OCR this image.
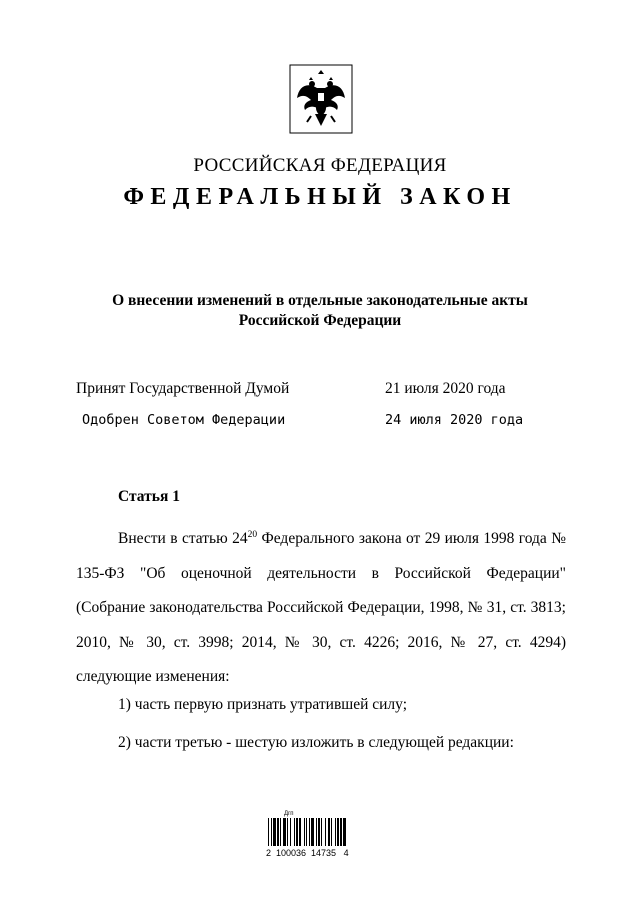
РОССИЙСКАЯ ФЕДЕРАЦИЯ
ФЕДЕРАЛЬНЫЙ ЗАКОН
О внесении изменений в отдельные законодательные акты
Российской Федерации
Принят Государственной Думой	21 июля 2020 года
Одобрен Советом Федерации	24 июля 2020 года
Статья 1
Внести в статью $24^{20}$ Федерального закона от 29 июля 1998 года № 135-ФЗ "Об оценочной деятельности в Российской Федерации" (Собрание законодательства Российской Федерации, 1998, № 31, ст. 3813; 2010, № 30, ст. 3998; 2014, № 30, ст. 4226; 2016, № 27, ст. 4294) следующие изменения:
1) часть первую признать утратившей силу;
2) части третью - шестую изложить в следующей редакции:
Дгп
2  100036  14735   4
